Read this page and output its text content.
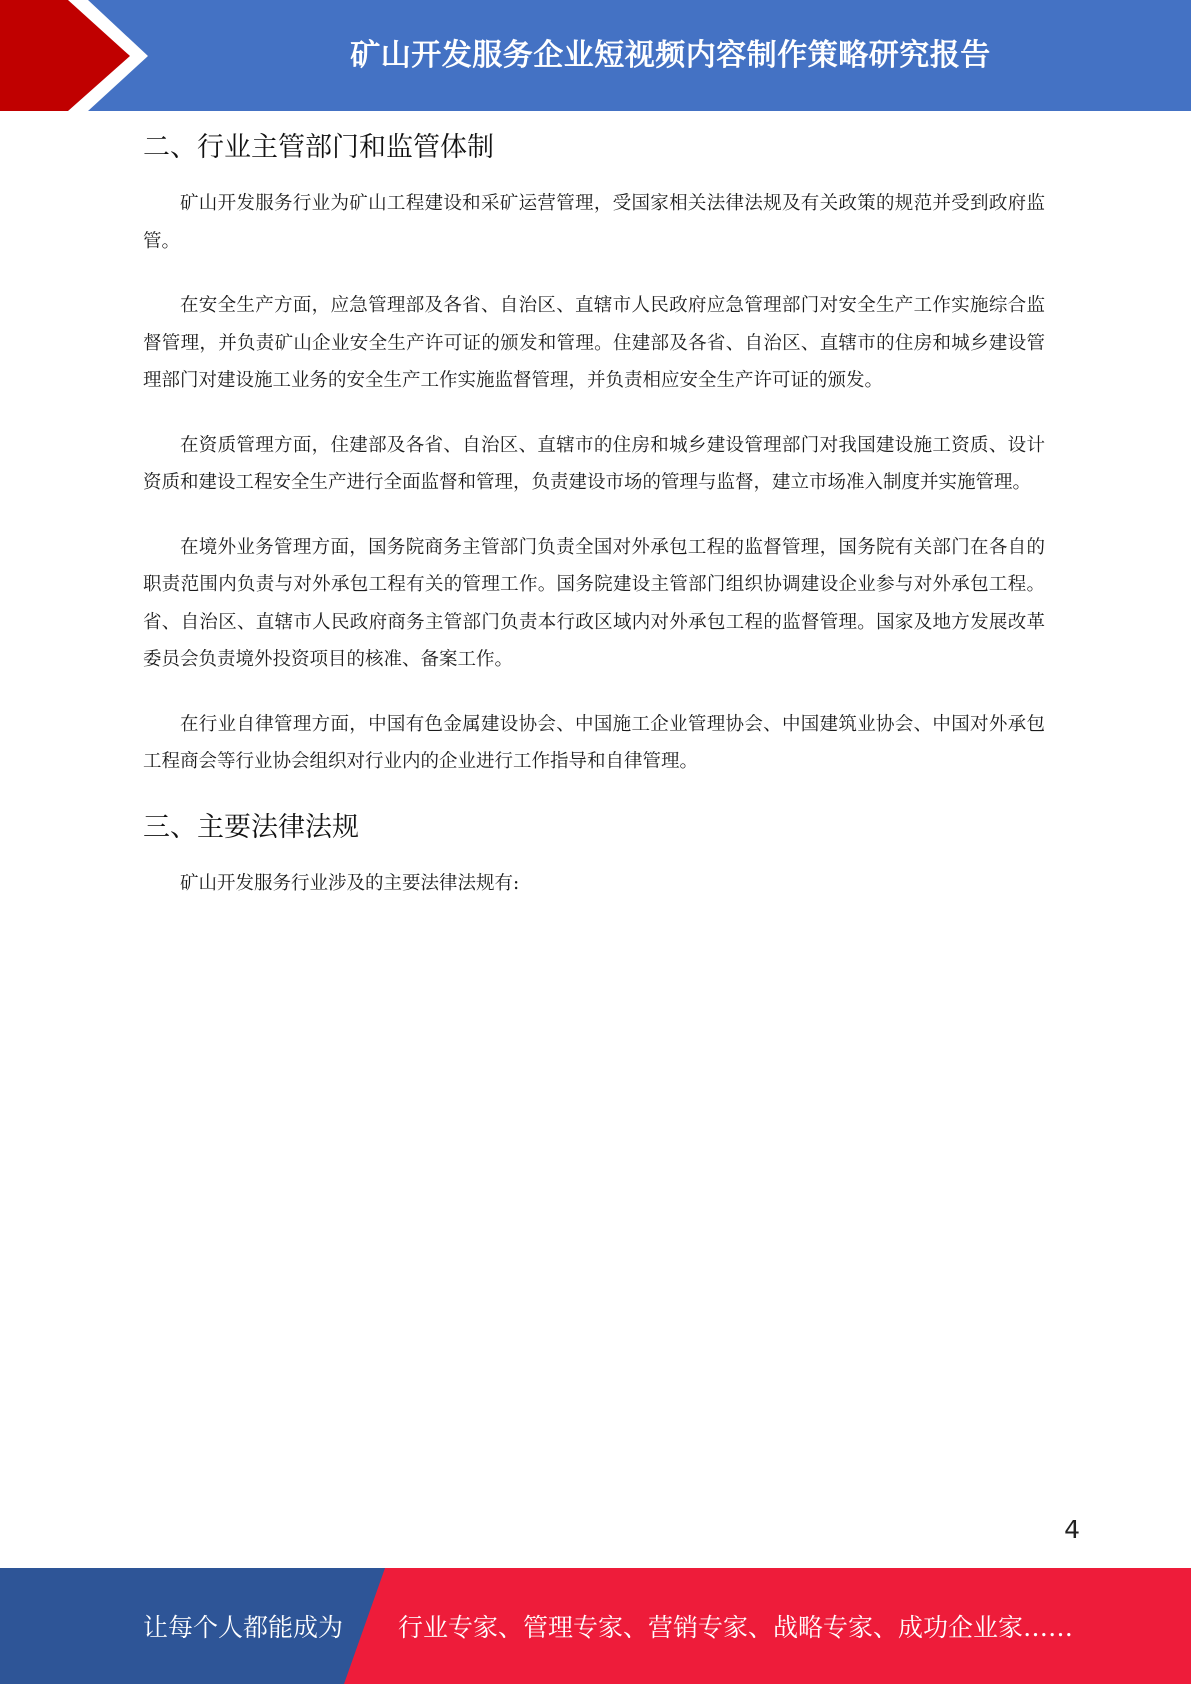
矿山开发服务企业短视频内容制作策略研究报告
二、行业主管部门和监管体制

矿山开发服务行业为矿山工程建设和采矿运营管理，受国家相关法律法规及有关政策的规范并受到政府监管。

在安全生产方面，应急管理部及各省、自治区、直辖市人民政府应急管理部门对安全生产工作实施综合监督管理，并负责矿山企业安全生产许可证的颁发和管理。住建部及各省、自治区、直辖市的住房和城乡建设管理部门对建设施工业务的安全生产工作实施监督管理，并负责相应安全生产许可证的颁发。

在资质管理方面，住建部及各省、自治区、直辖市的住房和城乡建设管理部门对我国建设施工资质、设计资质和建设工程安全生产进行全面监督和管理，负责建设市场的管理与监督，建立市场准入制度并实施管理。

在境外业务管理方面，国务院商务主管部门负责全国对外承包工程的监督管理，国务院有关部门在各自的职责范围内负责与对外承包工程有关的管理工作。国务院建设主管部门组织协调建设企业参与对外承包工程。省、自治区、直辖市人民政府商务主管部门负责本行政区域内对外承包工程的监督管理。国家及地方发展改革委员会负责境外投资项目的核准、备案工作。

在行业自律管理方面，中国有色金属建设协会、中国施工企业管理协会、中国建筑业协会、中国对外承包工程商会等行业协会组织对行业内的企业进行工作指导和自律管理。

三、主要法律法规

矿山开发服务行业涉及的主要法律法规有:

4
让每个人都能成为 行业专家、管理专家、营销专家、战略专家、成功企业家……
